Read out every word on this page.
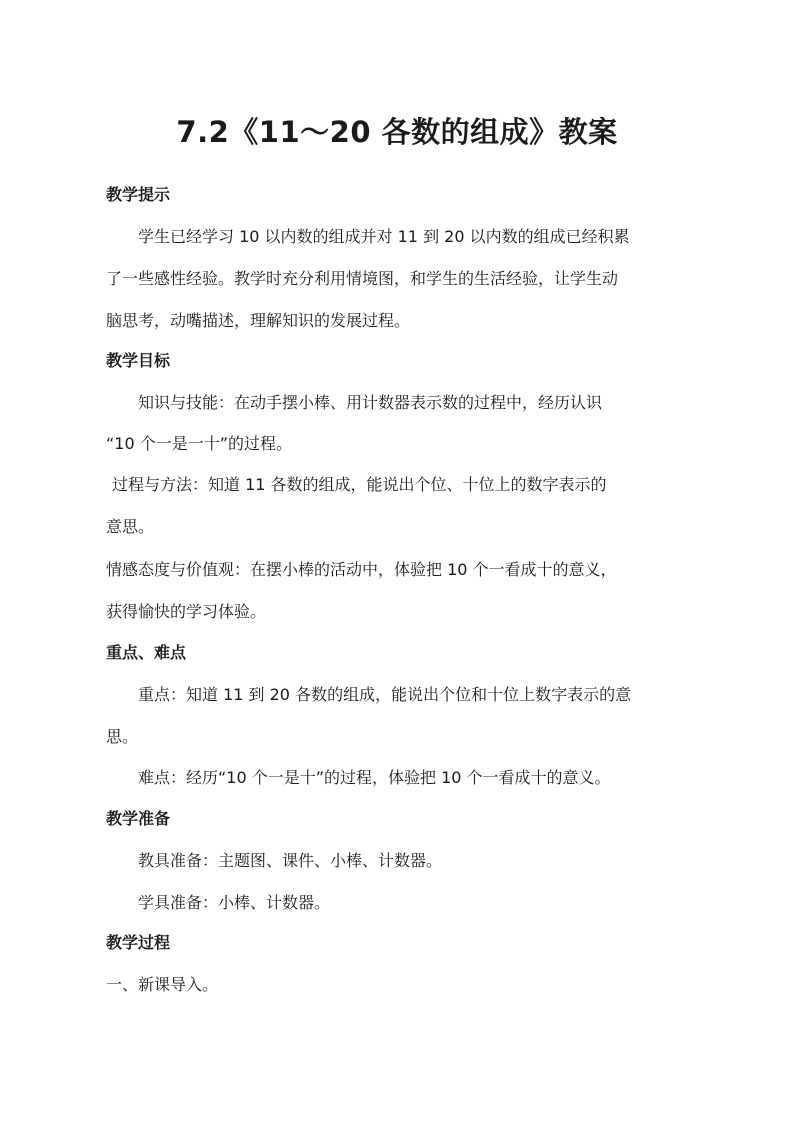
7.2《11～20 各数的组成》教案
教学提示
学生已经学习 10 以内数的组成并对 11 到 20 以内数的组成已经积累
了一些感性经验。教学时充分利用情境图，和学生的生活经验，让学生动
脑思考，动嘴描述，理解知识的发展过程。
教学目标
知识与技能：在动手摆小棒、用计数器表示数的过程中，经历认识
“10 个一是一十”的过程。
过程与方法：知道 11 各数的组成，能说出个位、十位上的数字表示的
意思。
情感态度与价值观：在摆小棒的活动中，体验把 10 个一看成十的意义，
获得愉快的学习体验。
重点、难点
重点：知道 11 到 20 各数的组成，能说出个位和十位上数字表示的意
思。
难点：经历“10 个一是十”的过程，体验把 10 个一看成十的意义。
教学准备
教具准备：主题图、课件、小棒、计数器。
学具准备：小棒、计数器。
教学过程
一、新课导入。
